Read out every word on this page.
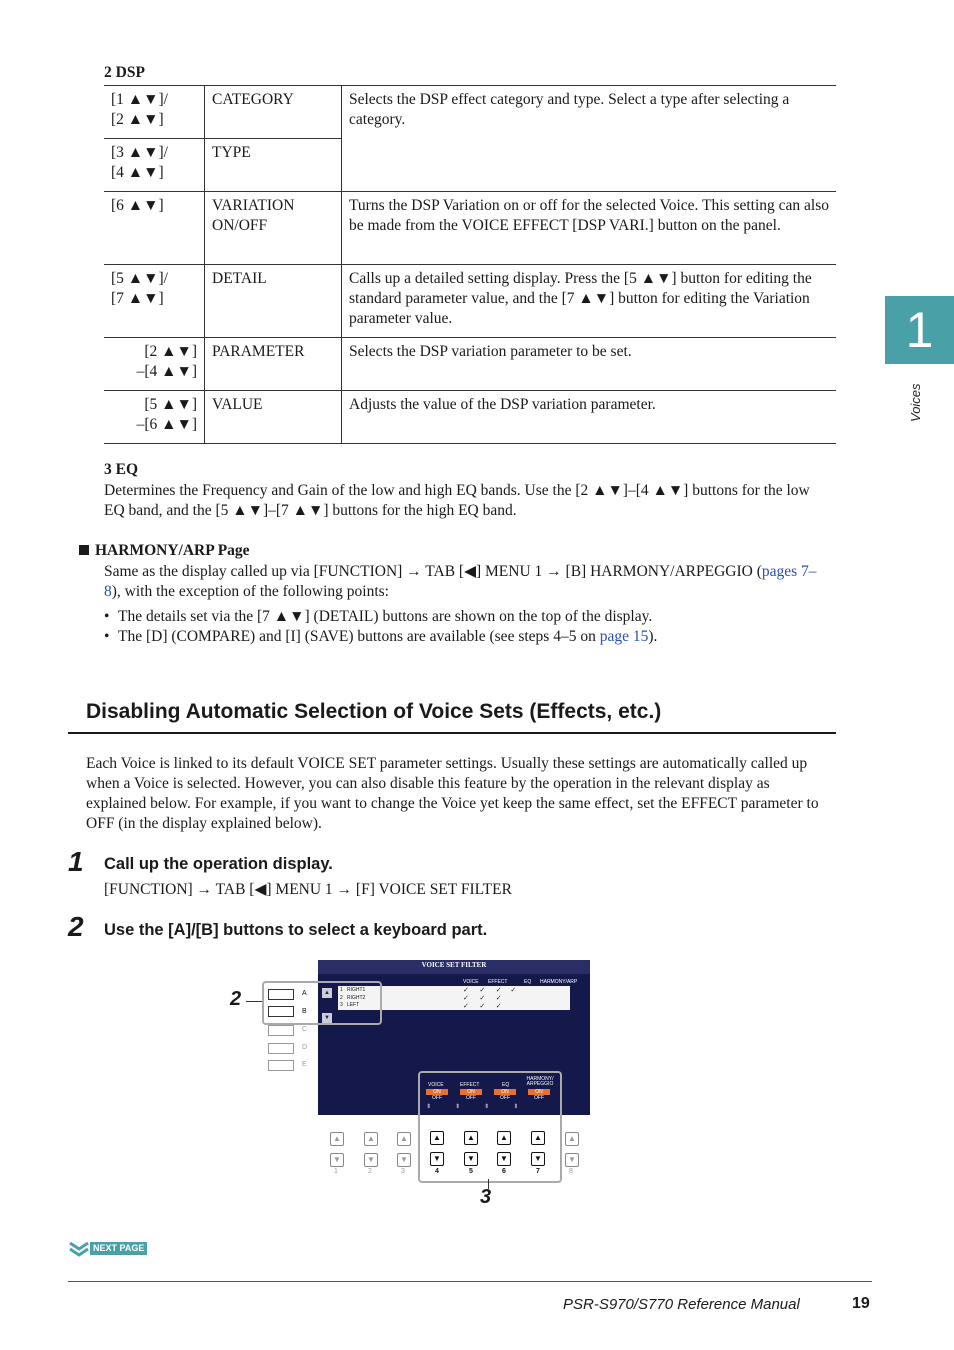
2 DSP
[1 ▲▼]/
[2 ▲▼]	CATEGORY	Selects the DSP effect category and type. Select a type after selecting a category.
[3 ▲▼]/
[4 ▲▼]	TYPE	
[6 ▲▼]	VARIATION ON/OFF	Turns the DSP Variation on or off for the selected Voice. This setting can also be made from the VOICE EFFECT [DSP VARI.] button on the panel.
[5 ▲▼]/
[7 ▲▼]	DETAIL	Calls up a detailed setting display. Press the [5 ▲▼] button for editing the standard parameter value, and the [7 ▲▼] button for editing the Variation parameter value.
[2 ▲▼]
–[4 ▲▼]	PARAMETER	Selects the DSP variation parameter to be set.
[5 ▲▼]
–[6 ▲▼]	VALUE	Adjusts the value of the DSP variation parameter.
3 EQ
Determines the Frequency and Gain of the low and high EQ bands. Use the [2 ▲▼]–[4 ▲▼] buttons for the low EQ band, and the [5 ▲▼]–[7 ▲▼] buttons for the high EQ band.
HARMONY/ARP Page
Same as the display called up via [FUNCTION] → TAB [◀] MENU 1 → [B] HARMONY/ARPEGGIO (pages 7–8), with the exception of the following points:
• The details set via the [7 ▲▼] (DETAIL) buttons are shown on the top of the display.
• The [D] (COMPARE) and [I] (SAVE) buttons are available (see steps 4–5 on page 15).
1
Voices
Disabling Automatic Selection of Voice Sets (Effects, etc.)
Each Voice is linked to its default VOICE SET parameter settings. Usually these settings are automatically called up when a Voice is selected. However, you can also disable this feature by the operation in the relevant display as explained below. For example, if you want to change the Voice yet keep the same effect, set the EFFECT parameter to OFF (in the display explained below).
1 Call up the operation display.
[FUNCTION] → TAB [◀] MENU 1 → [F] VOICE SET FILTER
2 Use the [A]/[B] buttons to select a keyboard part.
VOICE SET FILTER
VOICE EFFECT	EQ HARMONY/ARP
1 RIGHT1
2 RIGHT2
3 LEFT
✓      ✓      ✓     ✓
✓      ✓      ✓
✓      ✓      ✓
▲
▼
VOICE	EFFECT	EQ
HARMONY/ ARPEGGIO
ON
OFF
ON
OFF
ON
OFF
ON
OFF
⇕⇕⇕⇕
A
B
C
D
E
2
▲
▼
1
▲
▼
2
▲
▼
3
▲
▼
4
▲
▼
5
▲
▼
6
▲
▼
7
▲
▼
8
3
NEXT PAGE
PSR-S970/S770 Reference Manual	19
